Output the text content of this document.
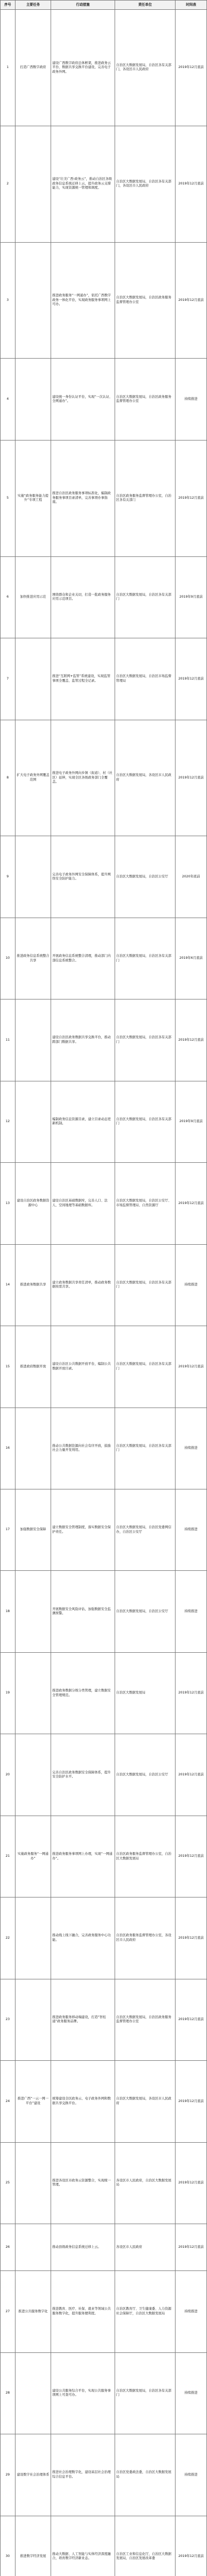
序号	主要任务	行动措施	责任单位	时间表
1	打造广西数字政府	建设广西数字政府总体框架，推进政务云平台、数据共享交换平台建设，完善电子政务外网。	自治区大数据发展局，自治区各有关部门，各设区市人民政府	2019年12月底前
2		建设“壮美广西·政务云”，推动自治区各级政务信息系统迁移上云，提升政务云支撑能力，实现资源统一管理和调度。	自治区大数据发展局，自治区各有关部门，各设区市人民政府	2019年12月底前
3		推进政务服务“一网通办”，依托广西数字政务一体化平台，实现政务服务事项网上可办。	自治区大数据发展局，自治区政务服务监督管理办公室	2019年12月底前
4		建设统一身份认证平台，实现“一次认证、全网通办”。	自治区大数据发展局，自治区政务服务监督管理办公室	持续推进
5	实施“政务服务能力提升”专项工程	推进自治区政务服务事项标准化，编制政务服务事项目录清单，完善事项办事指南。	自治区政务服务监督管理办公室，自治区各有关部门	2019年12月底前
6	加快推进应用示范	围绕群众和企业关切，打造一批政务服务应用示范项目。	自治区大数据发展局，自治区各有关部门	2019年9月底前
7		推进“互联网+监管”系统建设，实现监管事项全覆盖、监管过程全记录。	自治区大数据发展局，自治区市场监督管理局	2019年12月底前
8	扩大电子政务外网覆盖范围	推进电子政务外网向乡镇（街道）、村（社区）延伸，实现全区各级政务部门全覆盖。	自治区大数据发展局，各设区市人民政府	2019年12月底前
9		完善电子政务外网安全保障体系，提升网络安全防护能力。	自治区大数据发展局，自治区公安厅	2020年底前
10	推进政务信息系统整合共享	开展政务信息系统整合清理，推动部门内部信息系统整合。	自治区大数据发展局，自治区各有关部门	2019年6月底前
11		建设自治区政务数据共享交换平台，推动跨部门数据共享。	自治区大数据发展局，自治区各有关部门	2019年12月底前
12		编制政务信息资源目录，建立目录动态更新机制。	自治区大数据发展局，自治区各有关部门	2019年9月底前
13	建设自治区政务数据资源中心	建设自治区基础数据库，完善人口、法人、空间地理等基础数据库。	自治区大数据发展局，自治区公安厅、市场监督管理局、自然资源厅	2019年12月底前
14	推进政务数据共享	建立政务数据共享责任清单，推动政务数据按需共享。	自治区大数据发展局，自治区各有关部门	持续推进
15	推进政府数据开放	建设自治区公共数据开放平台，编制公共数据开放目录。	自治区大数据发展局，自治区各有关部门	2019年12月底前
16		推动公共数据资源向社会有序开放，鼓励社会力量开发利用。	自治区大数据发展局，自治区各有关部门	持续推进
17	加强数据安全保障	建立数据安全管理制度，落实数据安全保护责任。	自治区大数据发展局，自治区党委网信办，自治区公安厅	持续推进
18		开展数据安全风险评估，加强数据安全监测预警。	自治区大数据发展局，自治区公安厅	持续推进
19		推进政务数据分级分类管理，建立数据安全管理规范。	自治区大数据发展局	2019年12月底前
20		完善自治区政务数据安全保障体系，提升安全防护水平。	自治区大数据发展局，自治区公安厅	2019年12月底前
21	实施政务服务“一网通办”	推进政务服务事项网上办理，实现“一网通办”。	自治区政务服务监督管理办公室，自治区大数据发展局	2019年12月底前
22		推动线上线下融合，完善政务服务中心功能。	自治区政务服务监督管理办公室，各设区市人民政府	2019年12月底前
23		推进政务服务移动端建设，打造“智桂通”政务服务品牌。	自治区大数据发展局，自治区政务服务监督管理办公室	2019年12月底前
24	推进广西“一云一网一平台”建设	统筹建设全区政务云、电子政务外网和数据共享交换平台。	自治区大数据发展局，各设区市人民政府	2019年12月底前
25		推进各设区市政务云资源整合，实现统一管理。	各设区市人民政府，自治区大数据发展局	2019年12月底前
26		推动县级政务信息系统迁移上云。	各设区市人民政府	2019年12月底前
27	推进公共服务数字化	推进教育、医疗、社保、就业等领域公共服务数字化，提升服务便利度。	自治区教育厅、卫生健康委、人力资源社会保障厅，自治区大数据发展局	持续推进
28		建设公共服务综合平台，实现公共服务事项网上可查可办。	自治区大数据发展局，自治区各有关部门	持续推进
29	建设数字社会治理体系	推进社会治理数字化，建设基层社会治理综合信息平台。	自治区党委政法委，自治区大数据发展局	持续推进
30	推进数字经济发展	推动大数据、人工智能与实体经济深度融合，培育数字经济新业态。	自治区工业和信息化厅，自治区大数据发展局，自治区发展改革委	2019年12月底前
